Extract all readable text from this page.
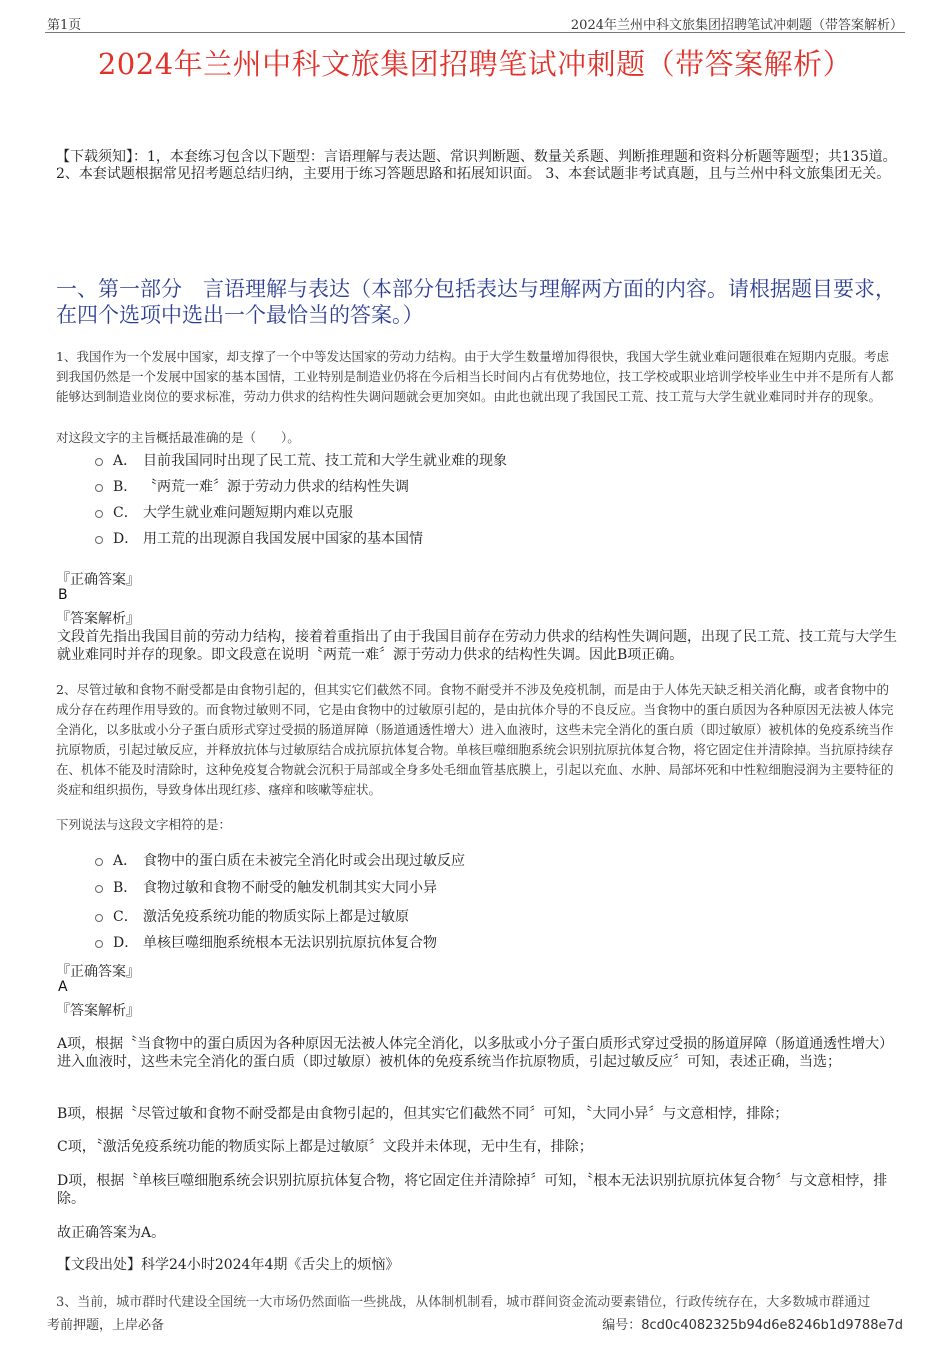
第1页	2024年兰州中科文旅集团招聘笔试冲刺题（带答案解析）
2024年兰州中科文旅集团招聘笔试冲刺题（带答案解析）
【下载须知】：1，本套练习包含以下题型：言语理解与表达题、常识判断题、数量关系题、判断推理题和资料分析题等题型；共135道。 2、本套试题根据常见招考题总结归纳，主要用于练习答题思路和拓展知识面。 3、本套试题非考试真题，且与兰州中科文旅集团无关。
一、第一部分　言语理解与表达（本部分包括表达与理解两方面的内容。请根据题目要求，在四个选项中选出一个最恰当的答案。）
1、我国作为一个发展中国家，却支撑了一个中等发达国家的劳动力结构。由于大学生数量增加得很快，我国大学生就业难问题很难在短期内克服。考虑到我国仍然是一个发展中国家的基本国情，工业特别是制造业仍将在今后相当长时间内占有优势地位，技工学校或职业培训学校毕业生中并不是所有人都能够达到制造业岗位的要求标准，劳动力供求的结构性失调问题就会更加突如。由此也就出现了我国民工荒、技工荒与大学生就业难同时并存的现象。
对这段文字的主旨概括最准确的是（　　）。
A． 目前我国同时出现了民工荒、技工荒和大学生就业难的现象
B． 〝两荒一难〞源于劳动力供求的结构性失调
C． 大学生就业难问题短期内难以克服
D． 用工荒的出现源自我国发展中国家的基本国情
『正确答案』
B
『答案解析』
文段首先指出我国目前的劳动力结构，接着着重指出了由于我国目前存在劳动力供求的结构性失调问题，出现了民工荒、技工荒与大学生就业难同时并存的现象。即文段意在说明〝两荒一难〞源于劳动力供求的结构性失调。因此B项正确。
2、尽管过敏和食物不耐受都是由食物引起的，但其实它们截然不同。食物不耐受并不涉及免疫机制，而是由于人体先天缺乏相关消化酶，或者食物中的成分存在药理作用导致的。而食物过敏则不同，它是由食物中的过敏原引起的，是由抗体介导的不良反应。当食物中的蛋白质因为各种原因无法被人体完全消化，以多肽或小分子蛋白质形式穿过受损的肠道屏障（肠道通透性增大）进入血液时，这些未完全消化的蛋白质（即过敏原）被机体的免疫系统当作抗原物质，引起过敏反应，并释放抗体与过敏原结合成抗原抗体复合物。单核巨噬细胞系统会识别抗原抗体复合物，将它固定住并清除掉。当抗原持续存在、机体不能及时清除时，这种免疫复合物就会沉积于局部或全身多处毛细血管基底膜上，引起以充血、水肿、局部坏死和中性粒细胞浸润为主要特征的炎症和组织损伤，导致身体出现红疹、瘙痒和咳嗽等症状。
下列说法与这段文字相符的是：
A． 食物中的蛋白质在未被完全消化时或会出现过敏反应
B． 食物过敏和食物不耐受的触发机制其实大同小异
C． 激活免疫系统功能的物质实际上都是过敏原
D． 单核巨噬细胞系统根本无法识别抗原抗体复合物
『正确答案』
A
『答案解析』
A项，根据〝当食物中的蛋白质因为各种原因无法被人体完全消化，以多肽或小分子蛋白质形式穿过受损的肠道屏障（肠道通透性增大）进入血液时，这些未完全消化的蛋白质（即过敏原）被机体的免疫系统当作抗原物质，引起过敏反应〞可知，表述正确，当选；
B项，根据〝尽管过敏和食物不耐受都是由食物引起的，但其实它们截然不同〞可知，〝大同小异〞与文意相悖，排除；
C项，〝激活免疫系统功能的物质实际上都是过敏原〞文段并未体现，无中生有，排除；
D项，根据〝单核巨噬细胞系统会识别抗原抗体复合物，将它固定住并清除掉〞可知，〝根本无法识别抗原抗体复合物〞与文意相悖，排除。
故正确答案为A。
【文段出处】科学24小时2024年4期《舌尖上的烦恼》
3、当前，城市群时代建设全国统一大市场仍然面临一些挑战，从体制机制看，城市群间资金流动要素错位，行政传统存在，大多数城市群通过
考前押题，上岸必备	编号：8cd0c4082325b94d6e8246b1d9788e7d
